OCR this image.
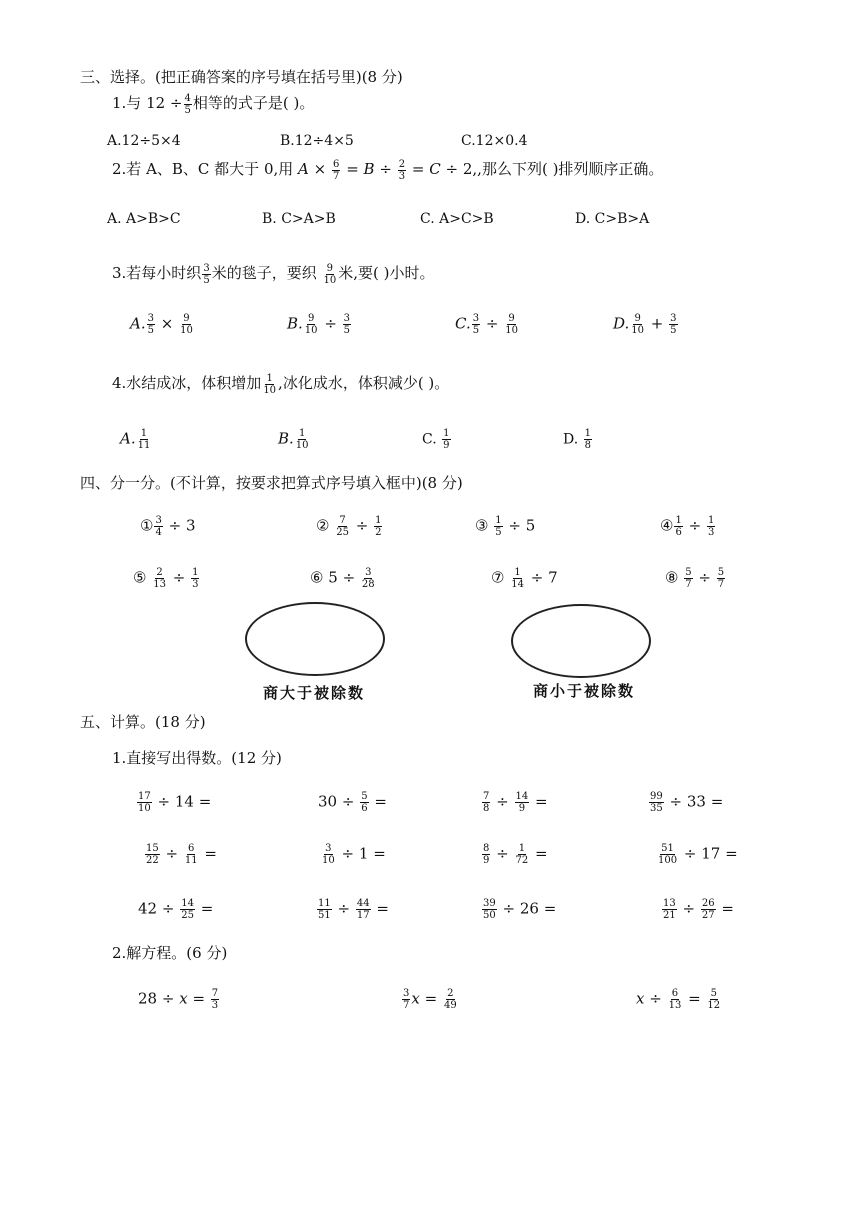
三、选择。(把正确答案的序号填在括号里)(8 分)
1.与 $12 \div \frac{4}{5}$ 相等的式子是( )。
A.12÷5×4	B.12÷4×5	C.12×0.4
2.若 A、B、C 都大于 0,用 $A \times \frac{6}{7} = B \div \frac{2}{3} = C \div 2$,,那么下列( )排列顺序正确。
A. A>B>C	B. C>A>B	C. A>C>B	D. C>B>A
3.若每小时织 $\frac{3}{5}$ 米的毯子，要织 $\frac{9}{10}$ 米,要( )小时。
A. $\frac{3}{5} \times \frac{9}{10}$	B. $\frac{9}{10} \div \frac{3}{5}$	C. $\frac{3}{5} \div \frac{9}{10}$	D. $\frac{9}{10} + \frac{3}{5}$
4.水结成冰，体积增加 $\frac{1}{10}$ ,冰化成水，体积减少( )。
A. $\frac{1}{11}$	B. $\frac{1}{10}$	C. $\frac{1}{9}$	D. $\frac{1}{8}$
四、分一分。(不计算，按要求把算式序号填入框中)(8 分)
① $\frac{3}{4} \div 3$	② $\frac{7}{25} \div \frac{1}{2}$	③ $\frac{1}{5} \div 5$	④ $\frac{1}{6} \div \frac{1}{3}$
⑤ $\frac{2}{13} \div \frac{1}{3}$	⑥ $5 \div \frac{3}{28}$	⑦ $\frac{1}{14} \div 7$	⑧ $\frac{5}{7} \div \frac{5}{7}$
商大于被除数	商小于被除数
五、计算。(18 分)
1.直接写出得数。(12 分)
$\frac{17}{10} \div 14$ =	$30 \div \frac{5}{6}$ =	$\frac{7}{8} \div \frac{14}{9}$ =	$\frac{99}{35} \div 33$ =
$\frac{15}{22} \div \frac{6}{11}$ =	$\frac{3}{10} \div 1$ =	$\frac{8}{9} \div \frac{1}{72}$ =	$\frac{51}{100} \div 17$ =
$42 \div \frac{14}{25}$ =	$\frac{11}{51} \div \frac{44}{17}$ =	$\frac{39}{50} \div 26$ =	$\frac{13}{21} \div \frac{26}{27}$ =
2.解方程。(6 分)
$28 \div x = \frac{7}{3}$	$\frac{3}{7}$ $x = \frac{2}{49}$	$x \div \frac{6}{13} = \frac{5}{12}$
